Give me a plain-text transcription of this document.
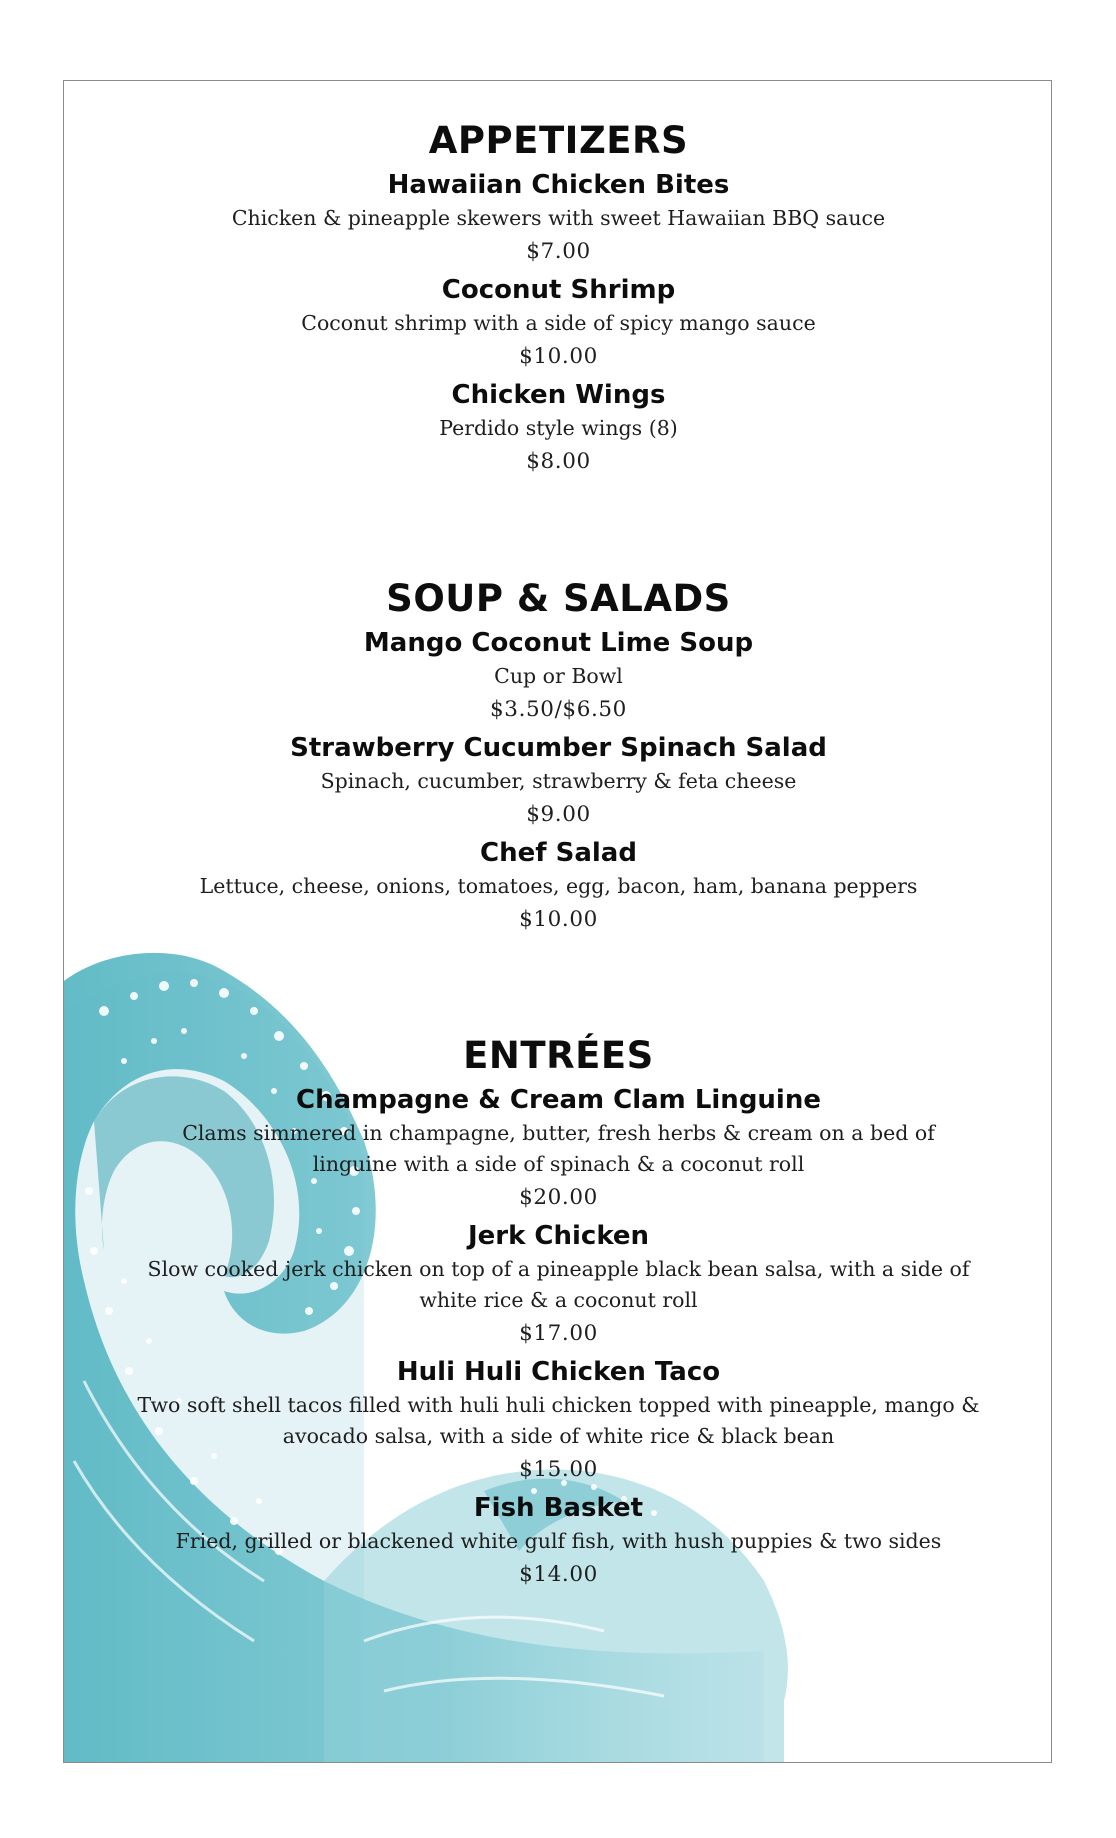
APPETIZERS

Hawaiian Chicken Bites

Chicken & pineapple skewers with sweet Hawaiian BBQ sauce

$7.00

Coconut Shrimp

Coconut shrimp with a side of spicy mango sauce

$10.00

Chicken Wings

Perdido style wings (8)

$8.00

SOUP & SALADS

Mango Coconut Lime Soup

Cup or Bowl

$3.50/$6.50

Strawberry Cucumber Spinach Salad

Spinach, cucumber, strawberry & feta cheese

$9.00

Chef Salad

Lettuce, cheese, onions, tomatoes, egg, bacon, ham, banana peppers

$10.00

ENTRÉES

Champagne & Cream Clam Linguine

Clams simmered in champagne, butter, fresh herbs & cream on a bed of linguine with a side of spinach & a coconut roll

$20.00

Jerk Chicken

Slow cooked jerk chicken on top of a pineapple black bean salsa, with a side of white rice & a coconut roll

$17.00

Huli Huli Chicken Taco

Two soft shell tacos filled with huli huli chicken topped with pineapple, mango & avocado salsa, with a side of white rice & black bean

$15.00

Fish Basket

Fried, grilled or blackened white gulf fish, with hush puppies & two sides

$14.00
